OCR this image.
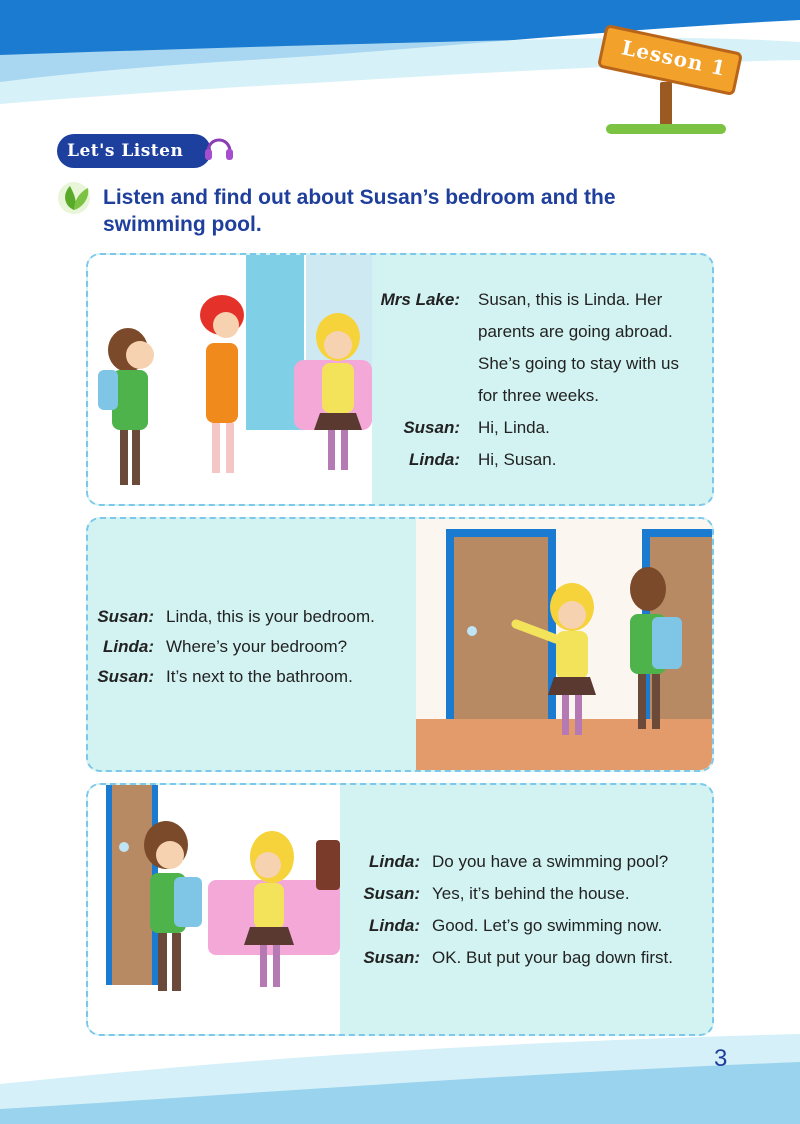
Lesson 1
Let's Listen
Listen and find out about Susan’s bedroom and the swimming pool.
Mrs Lake: Susan, this is Linda. Her
parents are going abroad.
She’s going to stay with us
for three weeks.
Susan: Hi, Linda.
Linda: Hi, Susan.
Susan: Linda, this is your bedroom.
Linda: Where’s your bedroom?
Susan: It’s next to the bathroom.
Linda: Do you have a swimming pool?
Susan: Yes, it’s behind the house.
Linda: Good. Let’s go swimming now.
Susan: OK. But put your bag down first.
3
